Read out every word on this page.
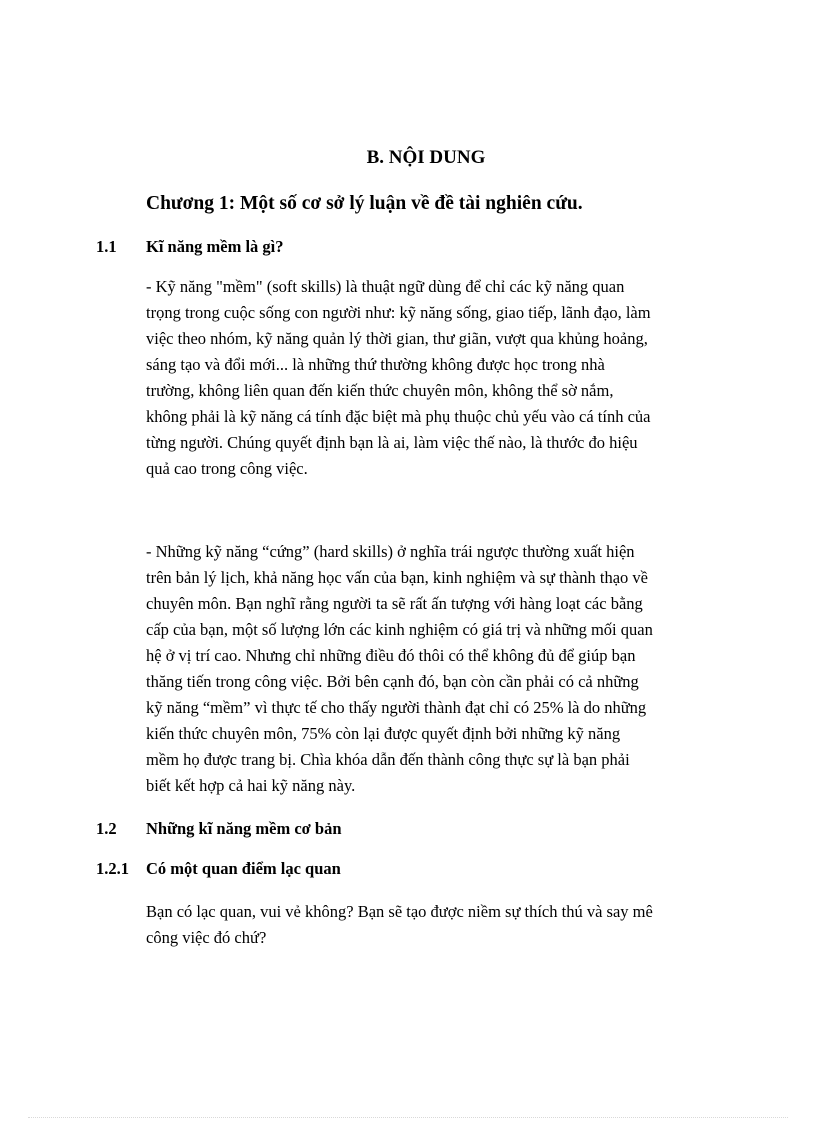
B. NỘI DUNG
Chương 1: Một số cơ sở lý luận về đề tài nghiên cứu.
1.1 Kĩ năng mềm là gì?
- Kỹ năng "mềm" (soft skills) là thuật ngữ dùng để chỉ các kỹ năng quan
trọng trong cuộc sống con người như: kỹ năng sống, giao tiếp, lãnh đạo, làm
việc theo nhóm, kỹ năng quản lý thời gian, thư giãn, vượt qua khủng hoảng,
sáng tạo và đổi mới... là những thứ thường không được học trong nhà
trường, không liên quan đến kiến thức chuyên môn, không thể sờ nắm,
không phải là kỹ năng cá tính đặc biệt mà phụ thuộc chủ yếu vào cá tính của
từng người. Chúng quyết định bạn là ai, làm việc thế nào, là thước đo hiệu
quả cao trong công việc.
- Những kỹ năng “cứng” (hard skills) ở nghĩa trái ngược thường xuất hiện
trên bản lý lịch, khả năng học vấn của bạn, kinh nghiệm và sự thành thạo về
chuyên môn. Bạn nghĩ rằng người ta sẽ rất ấn tượng với hàng loạt các bằng
cấp của bạn, một số lượng lớn các kinh nghiệm có giá trị và những mối quan
hệ ở vị trí cao. Nhưng chỉ những điều đó thôi có thể không đủ để giúp bạn
thăng tiến trong công việc. Bởi bên cạnh đó, bạn còn cần phải có cả những
kỹ năng “mềm” vì thực tế cho thấy người thành đạt chỉ có 25% là do những
kiến thức chuyên môn, 75% còn lại được quyết định bởi những kỹ năng
mềm họ được trang bị. Chìa khóa dẫn đến thành công thực sự là bạn phải
biết kết hợp cả hai kỹ năng này.
1.2 Những kĩ năng mềm cơ bản
1.2.1 Có một quan điểm lạc quan
Bạn có lạc quan, vui vẻ không? Bạn sẽ tạo được niềm sự thích thú và say mê
công việc đó chứ?
